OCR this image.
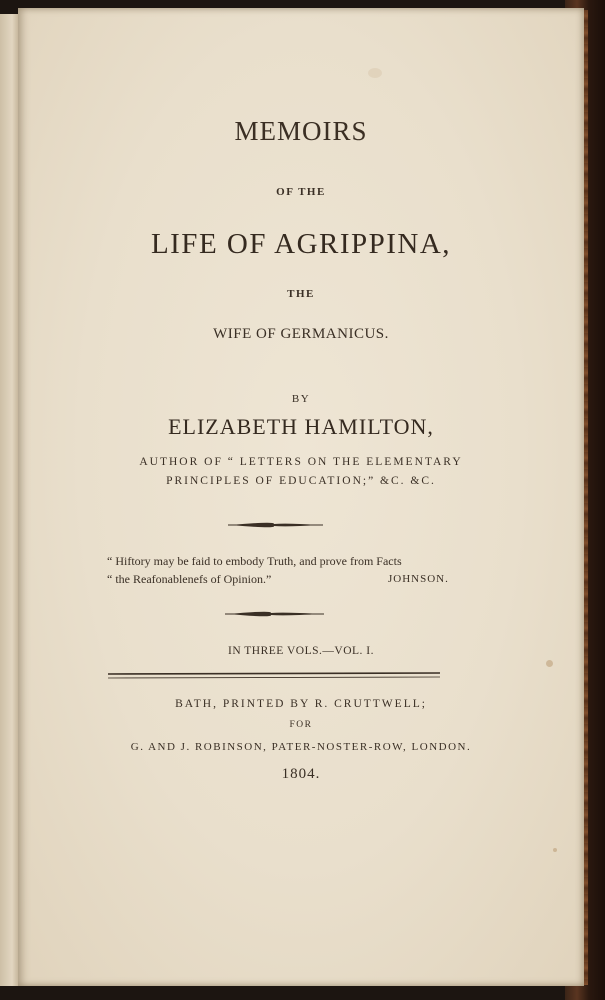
MEMOIRS
OF THE
LIFE OF AGRIPPINA,
THE
WIFE OF GERMANICUS.
BY
ELIZABETH HAMILTON,
AUTHOR OF “ LETTERS ON THE ELEMENTARY
PRINCIPLES OF EDUCATION;” &C. &C.
“ Hiftory may be faid to embody Truth, and prove from Facts
“ the Reafonablenefs of Opinion.”	JOHNSON.
IN THREE VOLS.—VOL. I.
BATH, PRINTED BY R. CRUTTWELL;
FOR
G. AND J. ROBINSON, PATER-NOSTER-ROW, LONDON.
1804.
